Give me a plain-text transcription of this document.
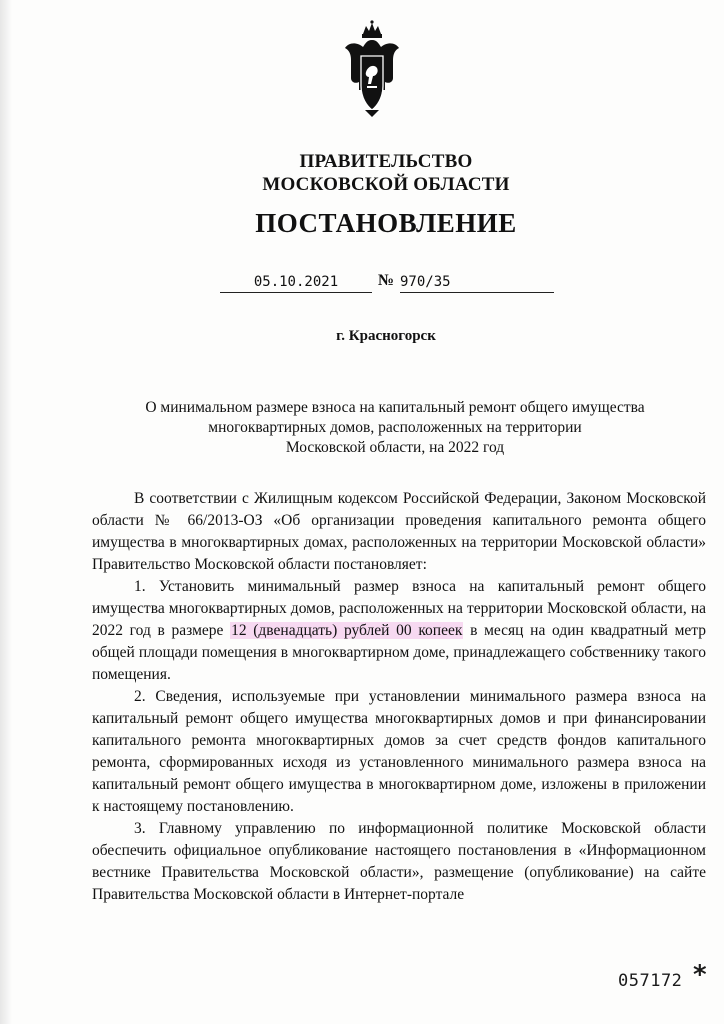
ПРАВИТЕЛЬСТВО
МОСКОВСКОЙ ОБЛАСТИ
ПОСТАНОВЛЕНИЕ
05.10.2021	№ 970/35
г. Красногорск
О минимальном размере взноса на капитальный ремонт общего имущества
многоквартирных домов, расположенных на территории
Московской области, на 2022 год

В соответствии с Жилищным кодексом Российской Федерации, Законом Московской области № 66/2013-ОЗ «Об организации проведения капитального ремонта общего имущества в многоквартирных домах, расположенных на территории Московской области» Правительство Московской области постановляет:

1. Установить минимальный размер взноса на капитальный ремонт общего имущества многоквартирных домов, расположенных на территории Московской области, на 2022 год в размере 12 (двенадцать) рублей 00 копеек в месяц на один квадратный метр общей площади помещения в многоквартирном доме, принадлежащего собственнику такого помещения.

2. Сведения, используемые при установлении минимального размера взноса на капитальный ремонт общего имущества многоквартирных домов и при финансировании капитального ремонта многоквартирных домов за счет средств фондов капитального ремонта, сформированных исходя из установленного минимального размера взноса на капитальный ремонт общего имущества в многоквартирном доме, изложены в приложении к настоящему постановлению.

3. Главному управлению по информационной политике Московской области обеспечить официальное опубликование настоящего постановления в «Информационном вестнике Правительства Московской области», размещение (опубликование) на сайте Правительства Московской области в Интернет-портале

057172 *
